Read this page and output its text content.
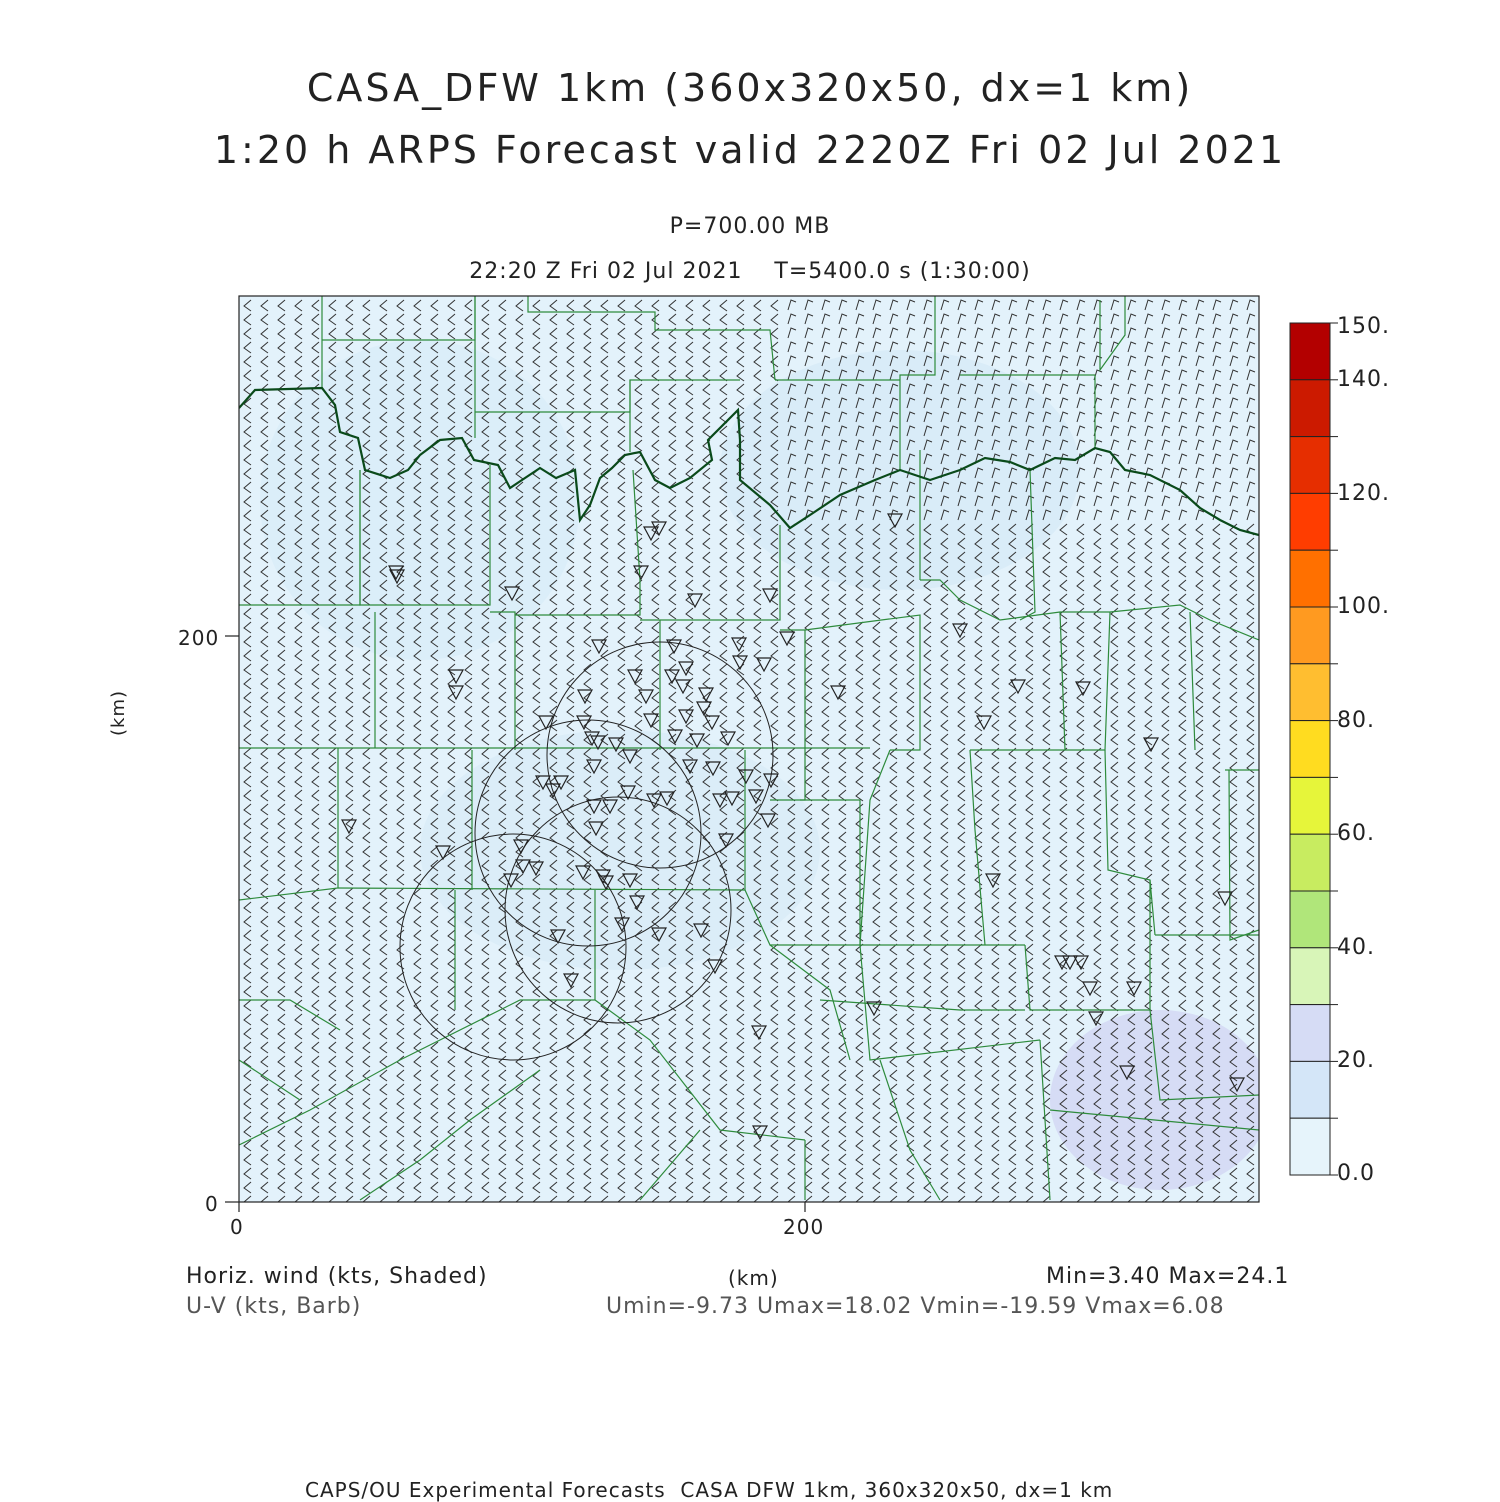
CASA_DFW 1km (360x320x50, dx=1 km)
1:20 h ARPS Forecast valid 2220Z Fri 02 Jul 2021
P=700.00 MB
22:20 Z Fri 02 Jul 2021    T=5400.0 s (1:30:00)
0
200
0	200
(km)
(km)
150.
140.
120.
100.
80.
60.
40.
20.
0.0
Horiz. wind (kts, Shaded)
U-V (kts, Barb)
Min=3.40 Max=24.1
Umin=-9.73 Umax=18.02 Vmin=-19.59 Vmax=6.08
CAPS/OU Experimental Forecasts  CASA DFW 1km, 360x320x50, dx=1 km
